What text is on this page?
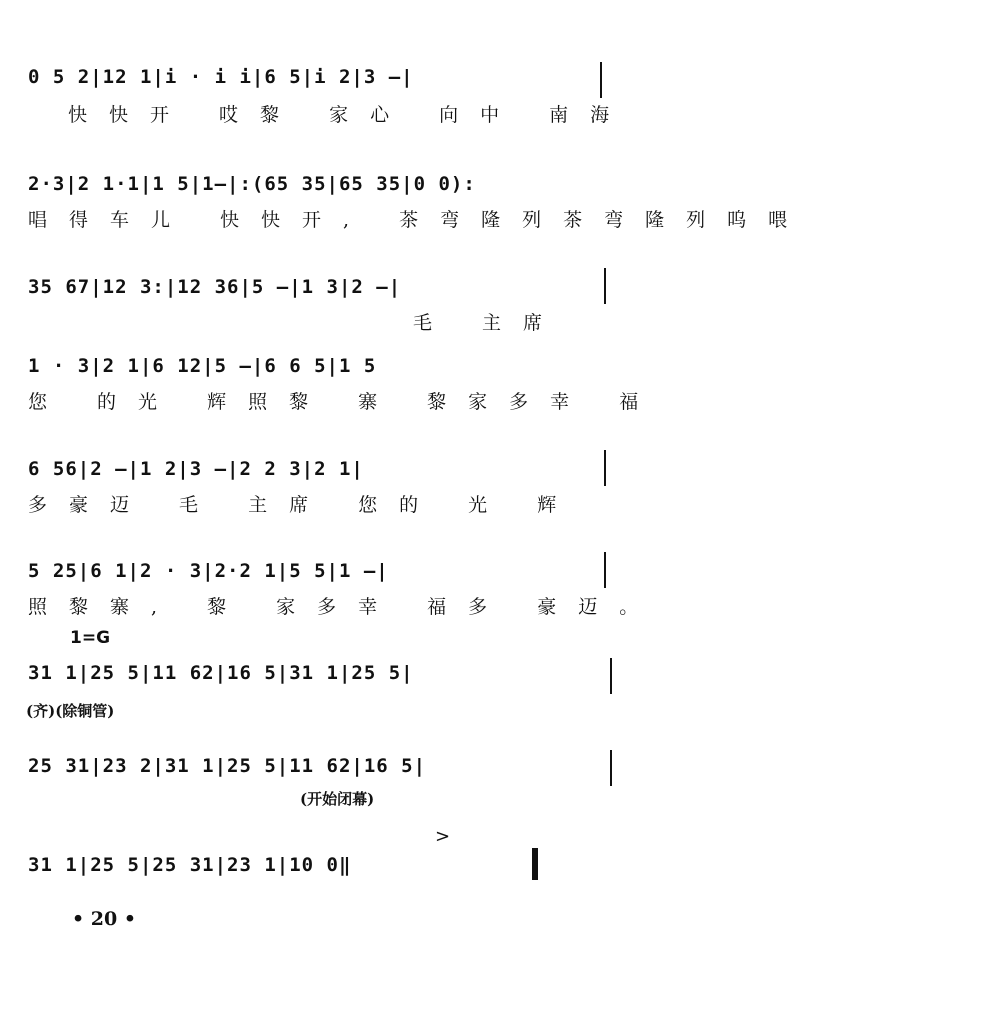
0 5 2|12 1|i · i i|6 5|i 2|3 —|
快快开 哎黎 家心 向中 南海
2·3|2 1·1|1 5|1—|:(65 35|65 35|0 0):
唱得车儿 快快开, 茶弯隆列茶弯隆列呜喂
35 67|12 3:|12 36|5 —|1 3|2 —|
毛 主席
1 · 3|2 1|6 12|5 —|6 6 5|1 5
您 的光 辉照黎 寨 黎家多幸 福
6 56|2 —|1 2|3 —|2 2 3|2 1|
多豪迈 毛 主席 您的 光 辉
5 25|6 1|2 · 3|2·2 1|5 5|1 —|
照黎寨, 黎 家多幸 福多 豪迈。
1=G
31 1|25 5|11 62|16 5|31 1|25 5|
(齐)(除铜管)
25 31|23 2|31 1|25 5|11 62|16 5|
(开始闭幕)
>
31 1|25 5|25 31|23 1|10 0‖
• 20 •
